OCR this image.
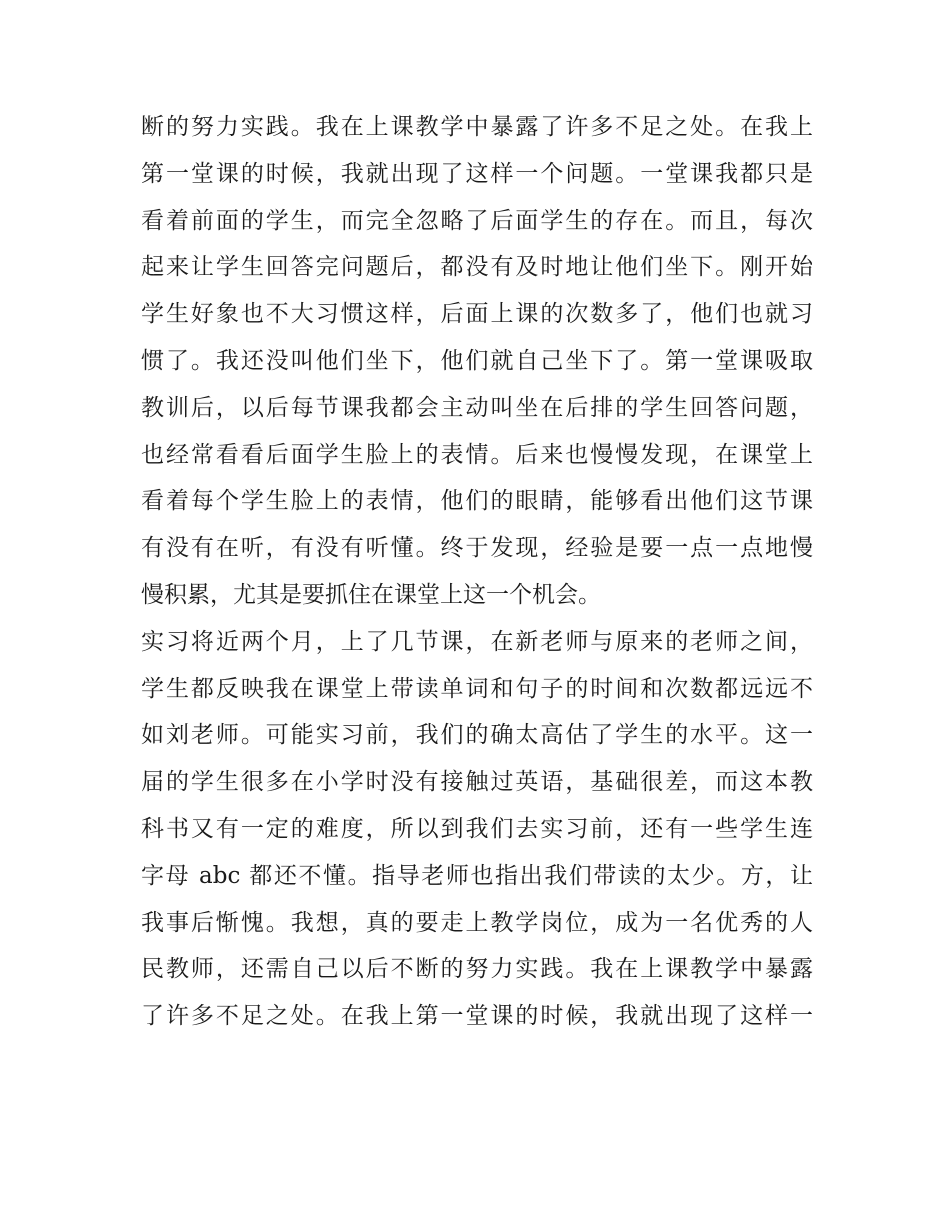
断的努力实践。我在上课教学中暴露了许多不足之处。在我上
第一堂课的时候，我就出现了这样一个问题。一堂课我都只是
看着前面的学生，而完全忽略了后面学生的存在。而且，每次
起来让学生回答完问题后，都没有及时地让他们坐下。刚开始
学生好象也不大习惯这样，后面上课的次数多了，他们也就习
惯了。我还没叫他们坐下，他们就自己坐下了。第一堂课吸取
教训后，以后每节课我都会主动叫坐在后排的学生回答问题，
也经常看看后面学生脸上的表情。后来也慢慢发现，在课堂上
看着每个学生脸上的表情，他们的眼睛，能够看出他们这节课
有没有在听，有没有听懂。终于发现，经验是要一点一点地慢
慢积累，尤其是要抓住在课堂上这一个机会。
实习将近两个月，上了几节课，在新老师与原来的老师之间，
学生都反映我在课堂上带读单词和句子的时间和次数都远远不
如刘老师。可能实习前，我们的确太高估了学生的水平。这一
届的学生很多在小学时没有接触过英语，基础很差，而这本教
科书又有一定的难度，所以到我们去实习前，还有一些学生连
字母 abc 都还不懂。指导老师也指出我们带读的太少。方，让
我事后惭愧。我想，真的要走上教学岗位，成为一名优秀的人
民教师，还需自己以后不断的努力实践。我在上课教学中暴露
了许多不足之处。在我上第一堂课的时候，我就出现了这样一
